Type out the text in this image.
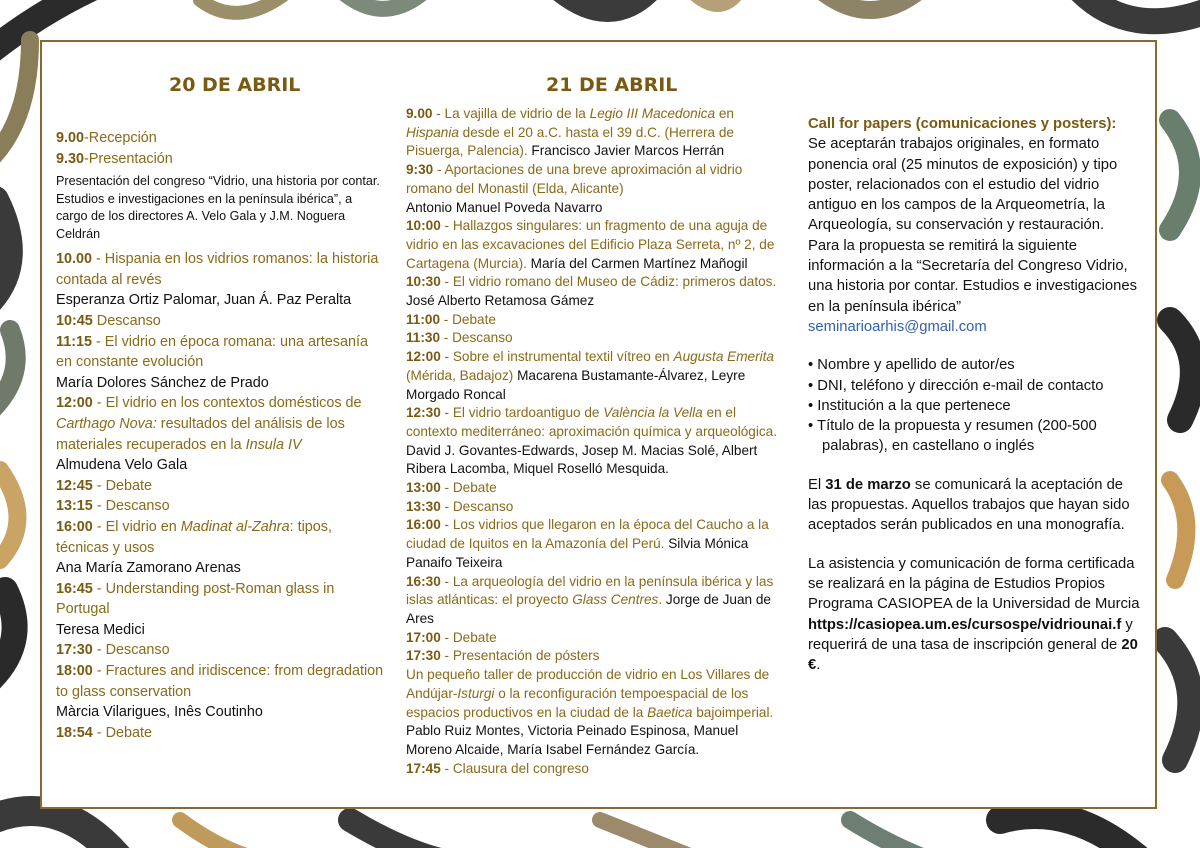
20 DE ABRIL
9.00-Recepción
9.30-Presentación
Presentación del congreso “Vidrio, una historia por contar. Estudios e investigaciones en la península ibérica”, a cargo de los directores A. Velo Gala y J.M. Noguera Celdrán
10.00 - Hispania en los vidrios romanos: la historia contada al revés
Esperanza Ortiz Palomar, Juan Á. Paz Peralta
10:45 Descanso
11:15 - El vidrio en época romana: una artesanía en constante evolución
María Dolores Sánchez de Prado
12:00 - El vidrio en los contextos domésticos de Carthago Nova: resultados del análisis de los materiales recuperados en la Insula IV
Almudena Velo Gala
12:45 - Debate
13:15 - Descanso
16:00 - El vidrio en Madinat al-Zahra: tipos, técnicas y usos
Ana María Zamorano Arenas
16:45 - Understanding post-Roman glass in Portugal
Teresa Medici
17:30 - Descanso
18:00 - Fractures and iridiscence: from degradation to glass conservation
Màrcia Vilarigues, Inês Coutinho
18:54 - Debate
21 DE ABRIL
9.00 - La vajilla de vidrio de la Legio III Macedonica en Hispania desde el 20 a.C. hasta el 39 d.C. (Herrera de Pisuerga, Palencia). Francisco Javier Marcos Herrán
9:30 - Aportaciones de una breve aproximación al vidrio romano del Monastil (Elda, Alicante)
Antonio Manuel Poveda Navarro
10:00 - Hallazgos singulares: un fragmento de una aguja de vidrio en las excavaciones del Edificio Plaza Serreta, nº 2, de Cartagena (Murcia). María del Carmen Martínez Mañogil
10:30 - El vidrio romano del Museo de Cádiz: primeros datos. José Alberto Retamosa Gámez
11:00 - Debate
11:30 - Descanso
12:00 - Sobre el instrumental textil vítreo en Augusta Emerita (Mérida, Badajoz) Macarena Bustamante-Álvarez, Leyre Morgado Roncal
12:30 - El vidrio tardoantiguo de València la Vella en el contexto mediterráneo: aproximación química y arqueológica. David J. Govantes-Edwards, Josep M. Macias Solé, Albert Ribera Lacomba, Miquel Roselló Mesquida.
13:00 - Debate
13:30 - Descanso
16:00 - Los vidrios que llegaron en la época del Caucho a la ciudad de Iquitos en la Amazonía del Perú. Silvia Mónica Panaifo Teixeira
16:30 - La arqueología del vidrio en la península ibérica y las islas atlánticas: el proyecto Glass Centres. Jorge de Juan de Ares
17:00 - Debate
17:30 - Presentación de pósters
Un pequeño taller de producción de vidrio en Los Villares de Andújar-Isturgi o la reconfiguración tempoespacial de los espacios productivos en la ciudad de la Baetica bajoimperial. Pablo Ruiz Montes, Victoria Peinado Espinosa, Manuel Moreno Alcaide, María Isabel Fernández García.
17:45 - Clausura del congreso
Call for papers (comunicaciones y posters):
Se aceptarán trabajos originales, en formato ponencia oral (25 minutos de exposición) y tipo poster, relacionados con el estudio del vidrio antiguo en los campos de la Arqueometría, la Arqueología, su conservación y restauración.
Para la propuesta se remitirá la siguiente información a la “Secretaría del Congreso Vidrio, una historia por contar. Estudios e investigaciones en la península ibérica”
seminarioarhis@gmail.com
• Nombre y apellido de autor/es
• DNI, teléfono y dirección e-mail de contacto
• Institución a la que pertenece
• Título de la propuesta y resumen (200-500 palabras), en castellano o inglés
El 31 de marzo se comunicará la aceptación de las propuestas. Aquellos trabajos que hayan sido aceptados serán publicados en una monografía.
La asistencia y comunicación de forma certificada se realizará en la página de Estudios Propios Programa CASIOPEA de la Universidad de Murcia https://casiopea.um.es/cursospe/vidriounai.f y requerirá de una tasa de inscripción general de 20 €.
